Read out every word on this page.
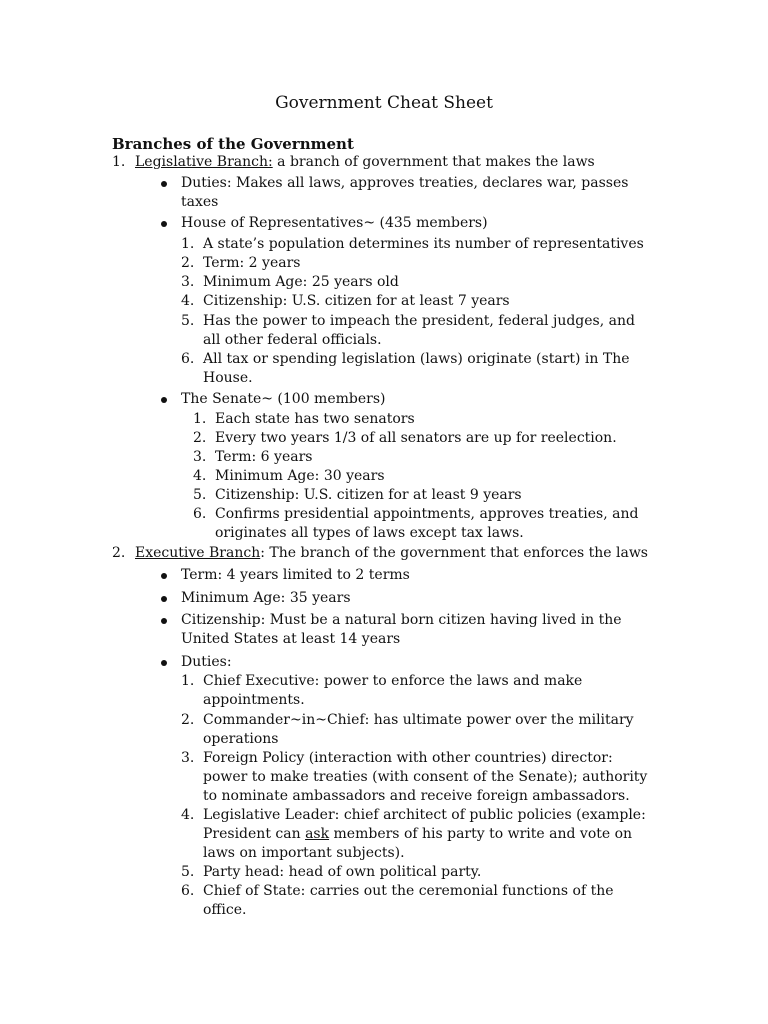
Government Cheat Sheet
Branches of the Government
1. Legislative Branch: a branch of government that makes the laws
Duties: Makes all laws, approves treaties, declares war, passes
taxes
House of Representatives~ (435 members)
1. A state’s population determines its number of representatives
2. Term: 2 years
3. Minimum Age: 25 years old
4. Citizenship: U.S. citizen for at least 7 years
5. Has the power to impeach the president, federal judges, and
all other federal officials.
6. All tax or spending legislation (laws) originate (start) in The
House.
The Senate~ (100 members)
1. Each state has two senators
2. Every two years 1/3 of all senators are up for reelection.
3. Term: 6 years
4. Minimum Age: 30 years
5. Citizenship: U.S. citizen for at least 9 years
6. Confirms presidential appointments, approves treaties, and
originates all types of laws except tax laws.
2. Executive Branch: The branch of the government that enforces the laws
Term: 4 years limited to 2 terms
Minimum Age: 35 years
Citizenship: Must be a natural born citizen having lived in the
United States at least 14 years
Duties:
1. Chief Executive: power to enforce the laws and make
appointments.
2. Commander~in~Chief: has ultimate power over the military
operations
3. Foreign Policy (interaction with other countries) director:
power to make treaties (with consent of the Senate); authority
to nominate ambassadors and receive foreign ambassadors.
4. Legislative Leader: chief architect of public policies (example:
President can ask members of his party to write and vote on
laws on important subjects).
5. Party head: head of own political party.
6. Chief of State: carries out the ceremonial functions of the
office.
